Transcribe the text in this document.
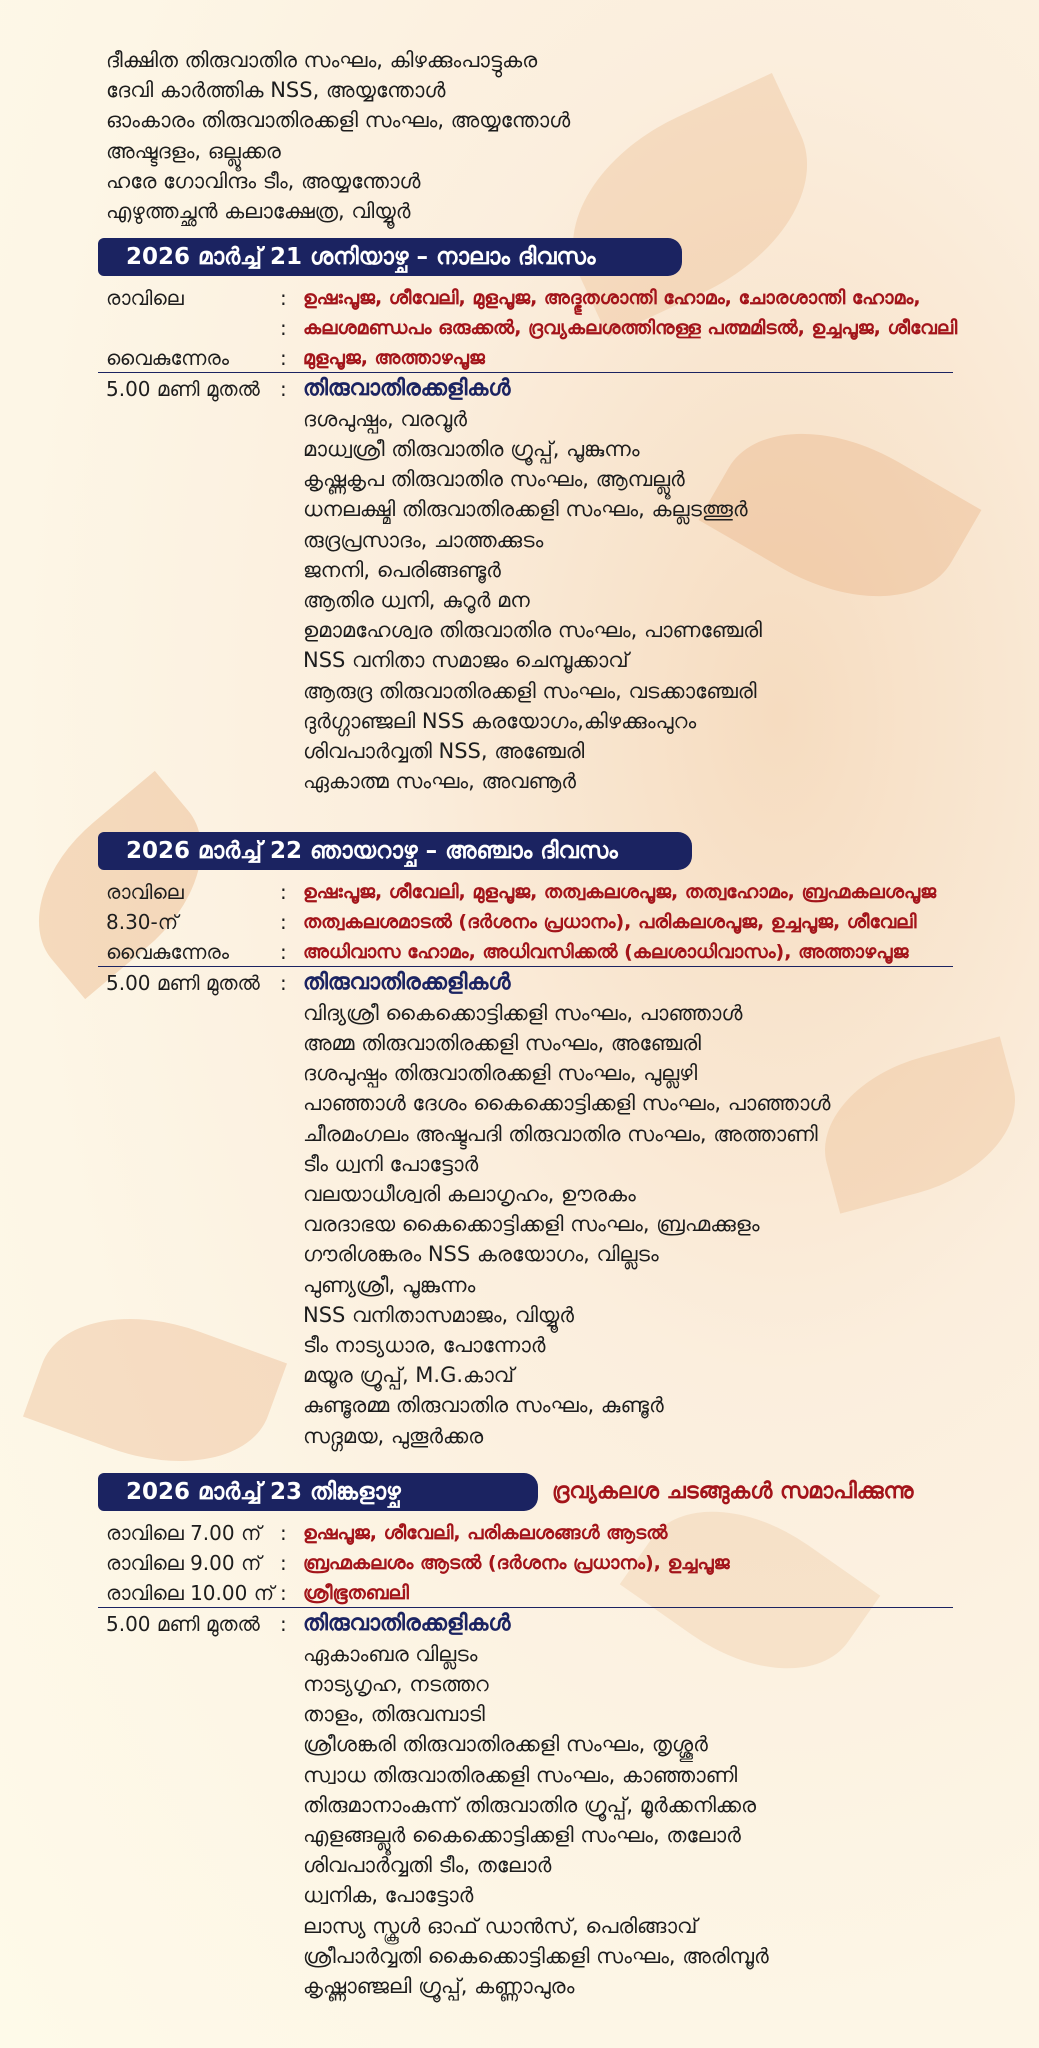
ദീക്ഷിത തിരുവാതിര സംഘം, കിഴക്കുംപാട്ടുകര
ദേവി കാർത്തിക NSS, അയ്യന്തോൾ
ഓംകാരം തിരുവാതിരക്കളി സംഘം, അയ്യന്തോൾ
അഷ്ടദളം, ഒല്ലൂക്കര
ഹരേ ഗോവിന്ദം ടീം, അയ്യന്തോൾ
എഴുത്തച്ഛൻ കലാക്ഷേത്ര, വിയ്യൂർ
2026 മാർച്ച് 21 ശനിയാഴ്ച – നാലാം ദിവസം
രാവിലെ	: ഉഷഃപൂജ, ശീവേലി, മുളപൂജ, അദ്ഭുതശാന്തി ഹോമം, ചോരശാന്തി ഹോമം,
: കലശമണ്ഡപം ഒരുക്കൽ, ദ്രവ്യകലശത്തിനുള്ള പത്മമിടൽ, ഉച്ചപൂജ, ശീവേലി
വൈകുന്നേരം	: മുളപൂജ, അത്താഴപൂജ
5.00 മണി മുതൽ : തിരുവാതിരക്കളികൾ
ദശപുഷ്പം, വരവൂർ
മാധ്വശ്രീ തിരുവാതിര ഗ്രൂപ്പ്, പൂങ്കുന്നം
കൃഷ്ണകൃപ തിരുവാതിര സംഘം, ആമ്പല്ലൂർ
ധനലക്ഷ്മി തിരുവാതിരക്കളി സംഘം, കല്ലടത്തൂർ
രുദ്രപ്രസാദം, ചാത്തക്കുടം
ജനനി, പെരിങ്ങണ്ടൂർ
ആതിര ധ്വനി, കുറൂർ മന
ഉമാമഹേശ്വര തിരുവാതിര സംഘം, പാണഞ്ചേരി
NSS വനിതാ സമാജം ചെമ്പൂക്കാവ്
ആരുദ്ര തിരുവാതിരക്കളി സംഘം, വടക്കാഞ്ചേരി
ദുർഗ്ഗാഞ്ജലി NSS കരയോഗം,കിഴക്കുംപുറം
ശിവപാർവ്വതി NSS, അഞ്ചേരി
ഏകാത്മ സംഘം, അവണൂർ
2026 മാർച്ച് 22 ഞായറാഴ്ച – അഞ്ചാം ദിവസം
രാവിലെ	: ഉഷഃപൂജ, ശീവേലി, മുളപൂജ, തത്വകലശപൂജ, തത്വഹോമം, ബ്രഹ്മകലശപൂജ
8.30-ന്	: തത്വകലശമാടൽ (ദർശനം പ്രധാനം), പരികലശപൂജ, ഉച്ചപൂജ, ശീവേലി
വൈകുന്നേരം	: അധിവാസ ഹോമം, അധിവസിക്കൽ (കലശാധിവാസം), അത്താഴപൂജ
5.00 മണി മുതൽ : തിരുവാതിരക്കളികൾ
വിദ്യശ്രീ കൈക്കൊട്ടിക്കളി സംഘം, പാഞ്ഞാൾ
അമ്മ തിരുവാതിരക്കളി സംഘം, അഞ്ചേരി
ദശപുഷ്പം തിരുവാതിരക്കളി സംഘം, പുല്ലഴി
പാഞ്ഞാൾ ദേശം കൈക്കൊട്ടിക്കളി സംഘം, പാഞ്ഞാൾ
ചീരമംഗലം അഷ്ടപദി തിരുവാതിര സംഘം, അത്താണി
ടീം ധ്വനി പോട്ടോർ
വലയാധീശ്വരി കലാഗൃഹം, ഊരകം
വരദാഭയ കൈക്കൊട്ടിക്കളി സംഘം, ബ്രഹ്മക്കുളം
ഗൗരിശങ്കരം NSS കരയോഗം, വില്ലടം
പുണ്യശ്രീ, പൂങ്കുന്നം
NSS വനിതാസമാജം, വിയ്യൂർ
ടീം നാട്യധാര, പോന്നോർ
മയൂര ഗ്രൂപ്പ്, M.G.കാവ്
കുണ്ടൂരമ്മ തിരുവാതിര സംഘം, കുണ്ടൂർ
സദ്ഗമയ, പുതൂർക്കര
2026 മാർച്ച് 23 തിങ്കളാഴ്ച	ദ്രവ്യകലശ ചടങ്ങുകൾ സമാപിക്കുന്നു
രാവിലെ 7.00 ന് : ഉഷപൂജ, ശീവേലി, പരികലശങ്ങൾ ആടൽ
രാവിലെ 9.00 ന് : ബ്രഹ്മകലശം ആടൽ (ദർശനം പ്രധാനം), ഉച്ചപൂജ
രാവിലെ 10.00 ന് : ശ്രീഭൂതബലി
5.00 മണി മുതൽ : തിരുവാതിരക്കളികൾ
ഏകാംബര വില്ലടം
നാട്യഗൃഹ, നടത്തറ
താളം, തിരുവമ്പാടി
ശ്രീശങ്കരി തിരുവാതിരക്കളി സംഘം, തൃശ്ശൂർ
സ്വാധ തിരുവാതിരക്കളി സംഘം, കാഞ്ഞാണി
തിരുമാനാംകുന്ന് തിരുവാതിര ഗ്രൂപ്പ്, മൂർക്കനിക്കര
എളങ്ങല്ലൂർ കൈക്കൊട്ടിക്കളി സംഘം, തലോർ
ശിവപാർവ്വതി ടീം, തലോർ
ധ്വനിക, പോട്ടോർ
ലാസ്യ സ്കൂൾ ഓഫ് ഡാൻസ്, പെരിങ്ങാവ്
ശ്രീപാർവ്വതി കൈക്കൊട്ടിക്കളി സംഘം, അരിമ്പൂർ
കൃഷ്ണാഞ്ജലി ഗ്രൂപ്പ്, കണ്ണാപുരം
